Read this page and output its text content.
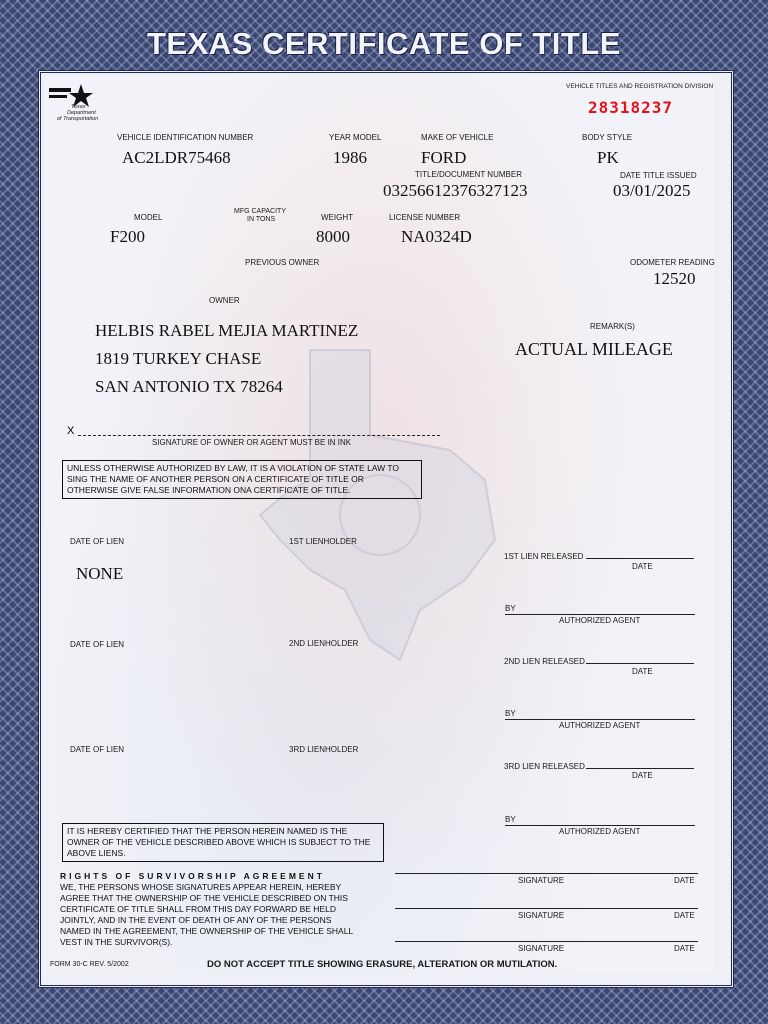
TEXAS CERTIFICATE OF TITLE
Texas
Department
of Transportation
VEHICLE TITLES AND REGISTRATION DIVISION
28318237
VEHICLE IDENTIFICATION NUMBER
AC2LDR75468
YEAR MODEL
1986
MAKE OF VEHICLE
FORD
BODY STYLE
PK
TITLE/DOCUMENT NUMBER
03256612376327123
DATE TITLE ISSUED
03/01/2025
MODEL
F200
MFG CAPACITY
IN TONS	WEIGHT
8000
LICENSE NUMBER
NA0324D
PREVIOUS OWNER	ODOMETER READING
12520
OWNER
HELBIS RABEL MEJIA MARTINEZ
1819 TURKEY CHASE
SAN ANTONIO TX 78264
REMARK(S)
ACTUAL MILEAGE
X
SIGNATURE OF OWNER OR AGENT MUST BE IN INK
UNLESS OTHERWISE AUTHORIZED BY LAW, IT IS A VIOLATION OF STATE LAW TO SING THE NAME OF ANOTHER PERSON ON A CERTIFICATE OF TITLE OR OTHERWISE GIVE FALSE INFORMATION ONA CERTIFICATE OF TITLE.
DATE OF LIEN	1ST LIENHOLDER
NONE
DATE OF LIEN	2ND LIENHOLDER
DATE OF LIEN	3RD LIENHOLDER
1ST LIEN RELEASED
DATE
BY
AUTHORIZED AGENT
2ND LIEN RELEASED
DATE
BY
AUTHORIZED AGENT
3RD LIEN RELEASED
DATE
BY
AUTHORIZED AGENT
IT IS HEREBY CERTIFIED THAT THE PERSON HEREIN NAMED IS THE OWNER OF THE VEHICLE DESCRIBED ABOVE WHICH IS SUBJECT TO THE ABOVE LIENS.
RIGHTS OF SURVIVORSHIP AGREEMENT
WE, THE PERSONS WHOSE SIGNATURES APPEAR HEREIN, HEREBY AGREE THAT THE OWNERSHIP OF THE VEHICLE DESCRIBED ON THIS CERTIFICATE OF TITLE SHALL FROM THIS DAY FORWARD BE HELD JOINTLY, AND IN THE EVENT OF DEATH OF ANY OF THE PERSONS NAMED IN THE AGREEMENT, THE OWNERSHIP OF THE VEHICLE SHALL VEST IN THE SURVIVOR(S).
SIGNATURE	DATE
SIGNATURE	DATE
SIGNATURE	DATE
FORM 30-C REV. 5/2002	DO NOT ACCEPT TITLE SHOWING ERASURE, ALTERATION OR MUTILATION.
